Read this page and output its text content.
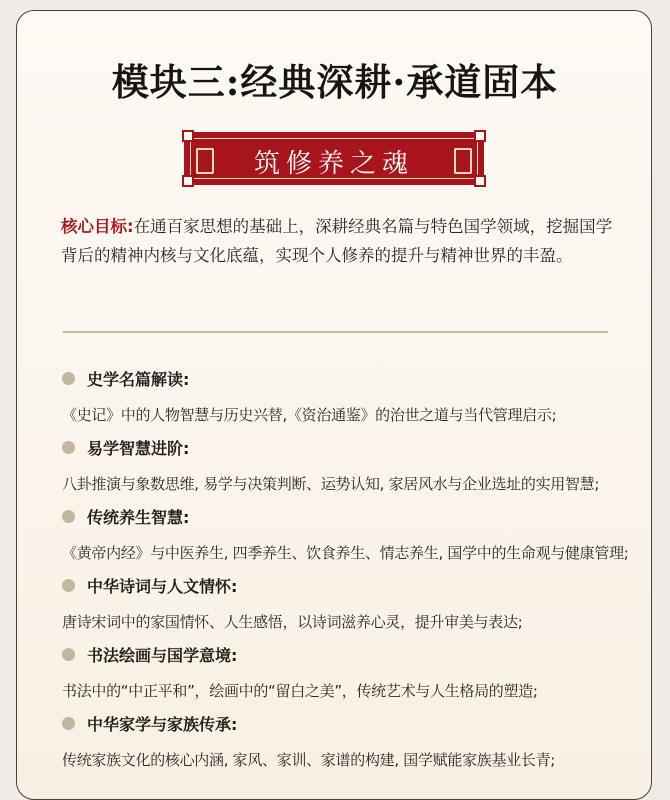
模块三:经典深耕·承道固本
筑修养之魂
核心目标:在通百家思想的基础上，深耕经典名篇与特色国学领域，挖掘国学背后的精神内核与文化底蕴，实现个人修养的提升与精神世界的丰盈。
史学名篇解读:
《史记》中的人物智慧与历史兴替,《资治通鉴》的治世之道与当代管理启示;
易学智慧进阶:
八卦推演与象数思维, 易学与决策判断、运势认知, 家居风水与企业选址的实用智慧;
传统养生智慧:
《黄帝内经》与中医养生, 四季养生、饮食养生、情志养生, 国学中的生命观与健康管理;
中华诗词与人文情怀:
唐诗宋词中的家国情怀、人生感悟，以诗词滋养心灵，提升审美与表达;
书法绘画与国学意境:
书法中的“中正平和”，绘画中的“留白之美”，传统艺术与人生格局的塑造;
中华家学与家族传承:
传统家族文化的核心内涵, 家风、家训、家谱的构建, 国学赋能家族基业长青;
